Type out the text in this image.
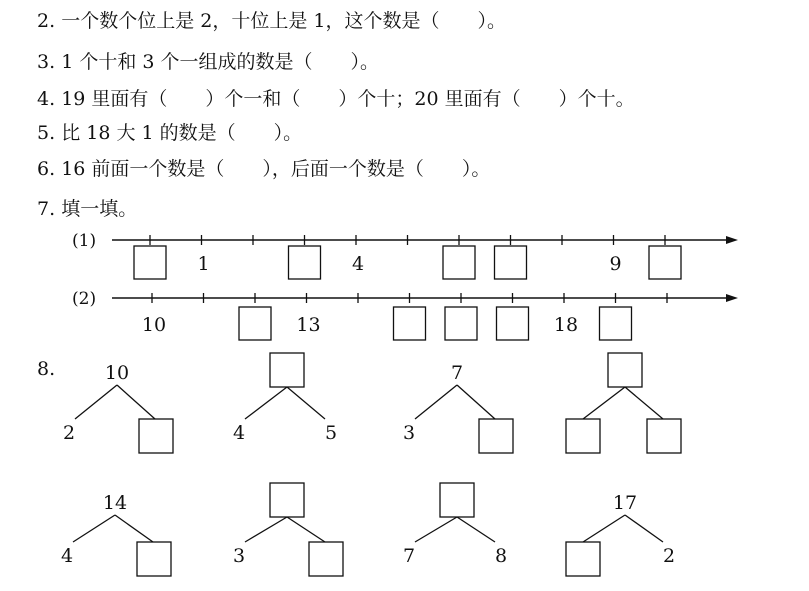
2. 一个数个位上是 2，十位上是 1，这个数是（　　）。
3. 1 个十和 3 个一组成的数是（　　）。
4. 19 里面有（　　）个一和（　　）个十；20 里面有（　　）个十。
5. 比 18 大 1 的数是（　　）。
6. 16 前面一个数是（　　），后面一个数是（　　）。
7. 填一填。
8.
(1)
1	4	9
(2)
10	13	18
10
2	4	5
7
3
14
4	3	7	8
17
2
